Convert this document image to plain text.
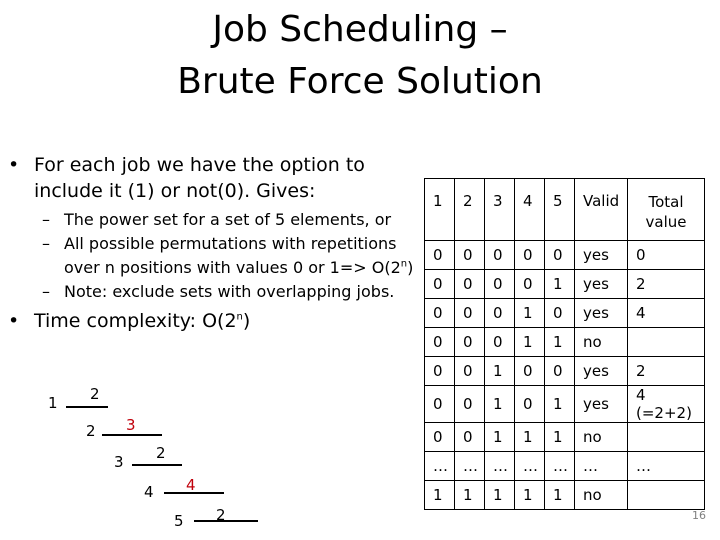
Job Scheduling –
Brute Force Solution
• For each job we have the option to include it (1) or not(0). Gives:
– The power set for a set of 5 elements, or
– All possible permutations with repetitions over n positions with values 0 or $1=> O(2^n)$
– Note: exclude sets with overlapping jobs.
• Time complexity: O(2$^n$)
1	2	3	4	5	Valid	Total value
0	0	0	0	0	yes	0
0	0	0	0	1	yes	2
0	0	0	1	0	yes	4
0	0	0	1	1	no	
0	0	1	0	0	yes	2
0	0	1	0	1	yes	4 (=2+2)
0	0	1	1	1	no	
…	…	…	…	…	…	…
1	1	1	1	1	no	
1 2
2 3
3 2
4 4
5 2	16
